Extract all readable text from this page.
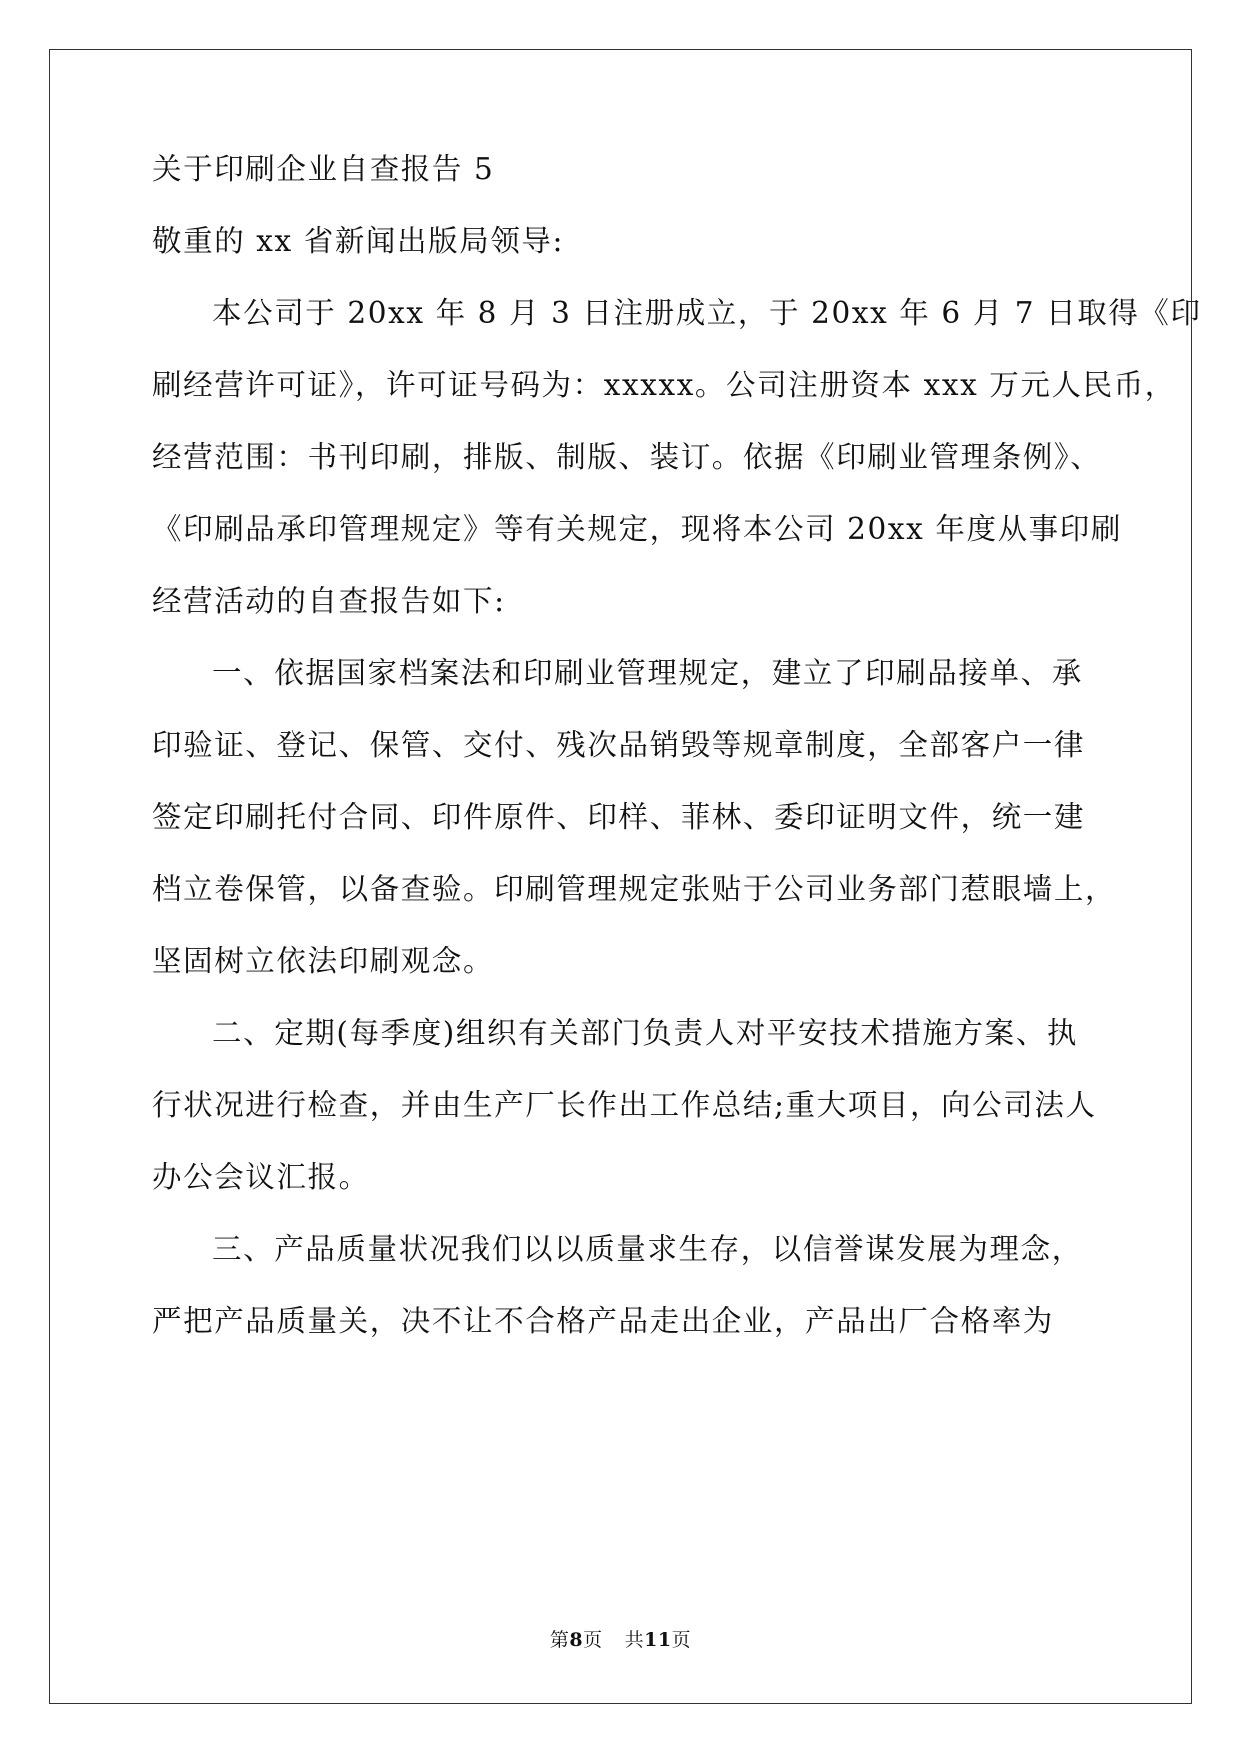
关于印刷企业自查报告 5
敬重的 xx 省新闻出版局领导:
本公司于 20xx 年 8 月 3 日注册成立，于 20xx 年 6 月 7 日取得《印
刷经营许可证》，许可证号码为：xxxxx。公司注册资本 xxx 万元人民币，
经营范围：书刊印刷，排版、制版、装订。依据《印刷业管理条例》、
《印刷品承印管理规定》等有关规定，现将本公司 20xx 年度从事印刷
经营活动的自查报告如下:
一、依据国家档案法和印刷业管理规定，建立了印刷品接单、承
印验证、登记、保管、交付、残次品销毁等规章制度，全部客户一律
签定印刷托付合同、印件原件、印样、菲林、委印证明文件，统一建
档立卷保管，以备查验。印刷管理规定张贴于公司业务部门惹眼墙上，
坚固树立依法印刷观念。
二、定期(每季度)组织有关部门负责人对平安技术措施方案、执
行状况进行检查，并由生产厂长作出工作总结;重大项目，向公司法人
办公会议汇报。
三、产品质量状况我们以以质量求生存，以信誉谋发展为理念，
严把产品质量关，决不让不合格产品走出企业，产品出厂合格率为
第8页 共11页
